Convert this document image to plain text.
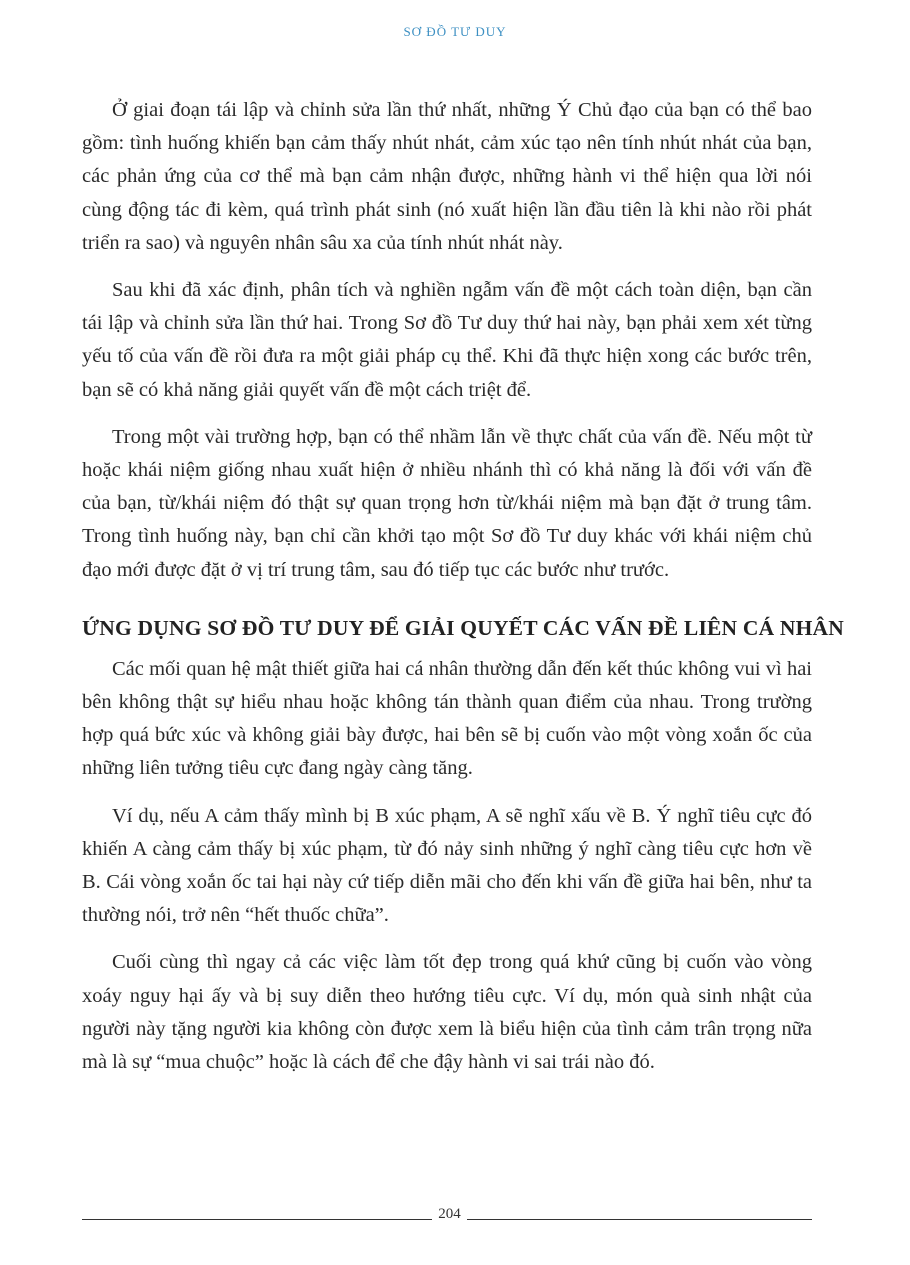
SƠ ĐỒ TƯ DUY

Ở giai đoạn tái lập và chỉnh sửa lần thứ nhất, những Ý Chủ đạo của bạn có thể bao gồm: tình huống khiến bạn cảm thấy nhút nhát, cảm xúc tạo nên tính nhút nhát của bạn, các phản ứng của cơ thể mà bạn cảm nhận được, những hành vi thể hiện qua lời nói cùng động tác đi kèm, quá trình phát sinh (nó xuất hiện lần đầu tiên là khi nào rồi phát triển ra sao) và nguyên nhân sâu xa của tính nhút nhát này.

Sau khi đã xác định, phân tích và nghiền ngẫm vấn đề một cách toàn diện, bạn cần tái lập và chỉnh sửa lần thứ hai. Trong Sơ đồ Tư duy thứ hai này, bạn phải xem xét từng yếu tố của vấn đề rồi đưa ra một giải pháp cụ thể. Khi đã thực hiện xong các bước trên, bạn sẽ có khả năng giải quyết vấn đề một cách triệt để.

Trong một vài trường hợp, bạn có thể nhầm lẫn về thực chất của vấn đề. Nếu một từ hoặc khái niệm giống nhau xuất hiện ở nhiều nhánh thì có khả năng là đối với vấn đề của bạn, từ/khái niệm đó thật sự quan trọng hơn từ/khái niệm mà bạn đặt ở trung tâm. Trong tình huống này, bạn chỉ cần khởi tạo một Sơ đồ Tư duy khác với khái niệm chủ đạo mới được đặt ở vị trí trung tâm, sau đó tiếp tục các bước như trước.

ỨNG DỤNG SƠ ĐỒ TƯ DUY ĐỂ GIẢI QUYẾT CÁC VẤN ĐỀ LIÊN CÁ NHÂN

Các mối quan hệ mật thiết giữa hai cá nhân thường dẫn đến kết thúc không vui vì hai bên không thật sự hiểu nhau hoặc không tán thành quan điểm của nhau. Trong trường hợp quá bức xúc và không giải bày được, hai bên sẽ bị cuốn vào một vòng xoắn ốc của những liên tưởng tiêu cực đang ngày càng tăng.

Ví dụ, nếu A cảm thấy mình bị B xúc phạm, A sẽ nghĩ xấu về B. Ý nghĩ tiêu cực đó khiến A càng cảm thấy bị xúc phạm, từ đó nảy sinh những ý nghĩ càng tiêu cực hơn về B. Cái vòng xoắn ốc tai hại này cứ tiếp diễn mãi cho đến khi vấn đề giữa hai bên, như ta thường nói, trở nên “hết thuốc chữa”.

Cuối cùng thì ngay cả các việc làm tốt đẹp trong quá khứ cũng bị cuốn vào vòng xoáy nguy hại ấy và bị suy diễn theo hướng tiêu cực. Ví dụ, món quà sinh nhật của người này tặng người kia không còn được xem là biểu hiện của tình cảm trân trọng nữa mà là sự “mua chuộc” hoặc là cách để che đậy hành vi sai trái nào đó.

204
